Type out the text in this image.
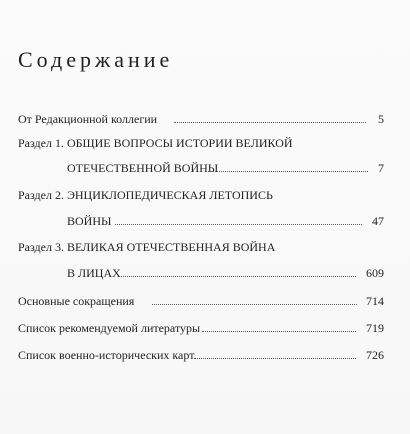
Содержание
От Редакционной коллегии	5
Раздел 1. ОБЩИЕ ВОПРОСЫ ИСТОРИИ ВЕЛИКОЙ
ОТЕЧЕСТВЕННОЙ ВОЙНЫ	7
Раздел 2. ЭНЦИКЛОПЕДИЧЕСКАЯ ЛЕТОПИСЬ
ВОЙНЫ	47
Раздел 3. ВЕЛИКАЯ ОТЕЧЕСТВЕННАЯ ВОЙНА
В ЛИЦАХ	609
Основные сокращения	714
Список рекомендуемой литературы	719
Список военно-исторических карт	726
